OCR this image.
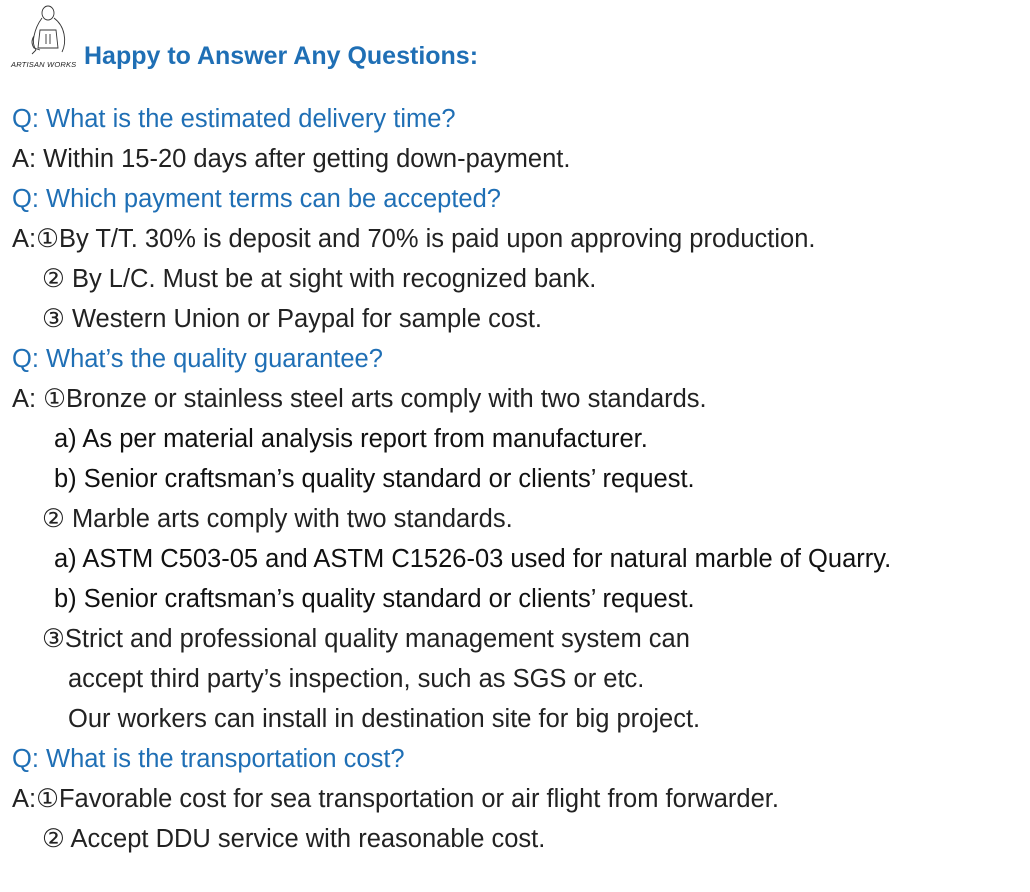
ARTISAN WORKS Happy to Answer Any Questions:
Q: What is the estimated delivery time?
A: Within 15-20 days after getting down-payment.
Q: Which payment terms can be accepted?
A:①By T/T. 30% is deposit and 70% is paid upon approving production.
② By L/C. Must be at sight with recognized bank.
③ Western Union or Paypal for sample cost.
Q: What’s the quality guarantee?
A: ①Bronze or stainless steel arts comply with two standards.
a) As per material analysis report from manufacturer.
b) Senior craftsman’s quality standard or clients’ request.
② Marble arts comply with two standards.
a) ASTM C503-05 and ASTM C1526-03 used for natural marble of Quarry.
b) Senior craftsman’s quality standard or clients’ request.
③Strict and professional quality management system can
accept third party’s inspection, such as SGS or etc.
Our workers can install in destination site for big project.
Q: What is the transportation cost?
A:①Favorable cost for sea transportation or air flight from forwarder.
② Accept DDU service with reasonable cost.
